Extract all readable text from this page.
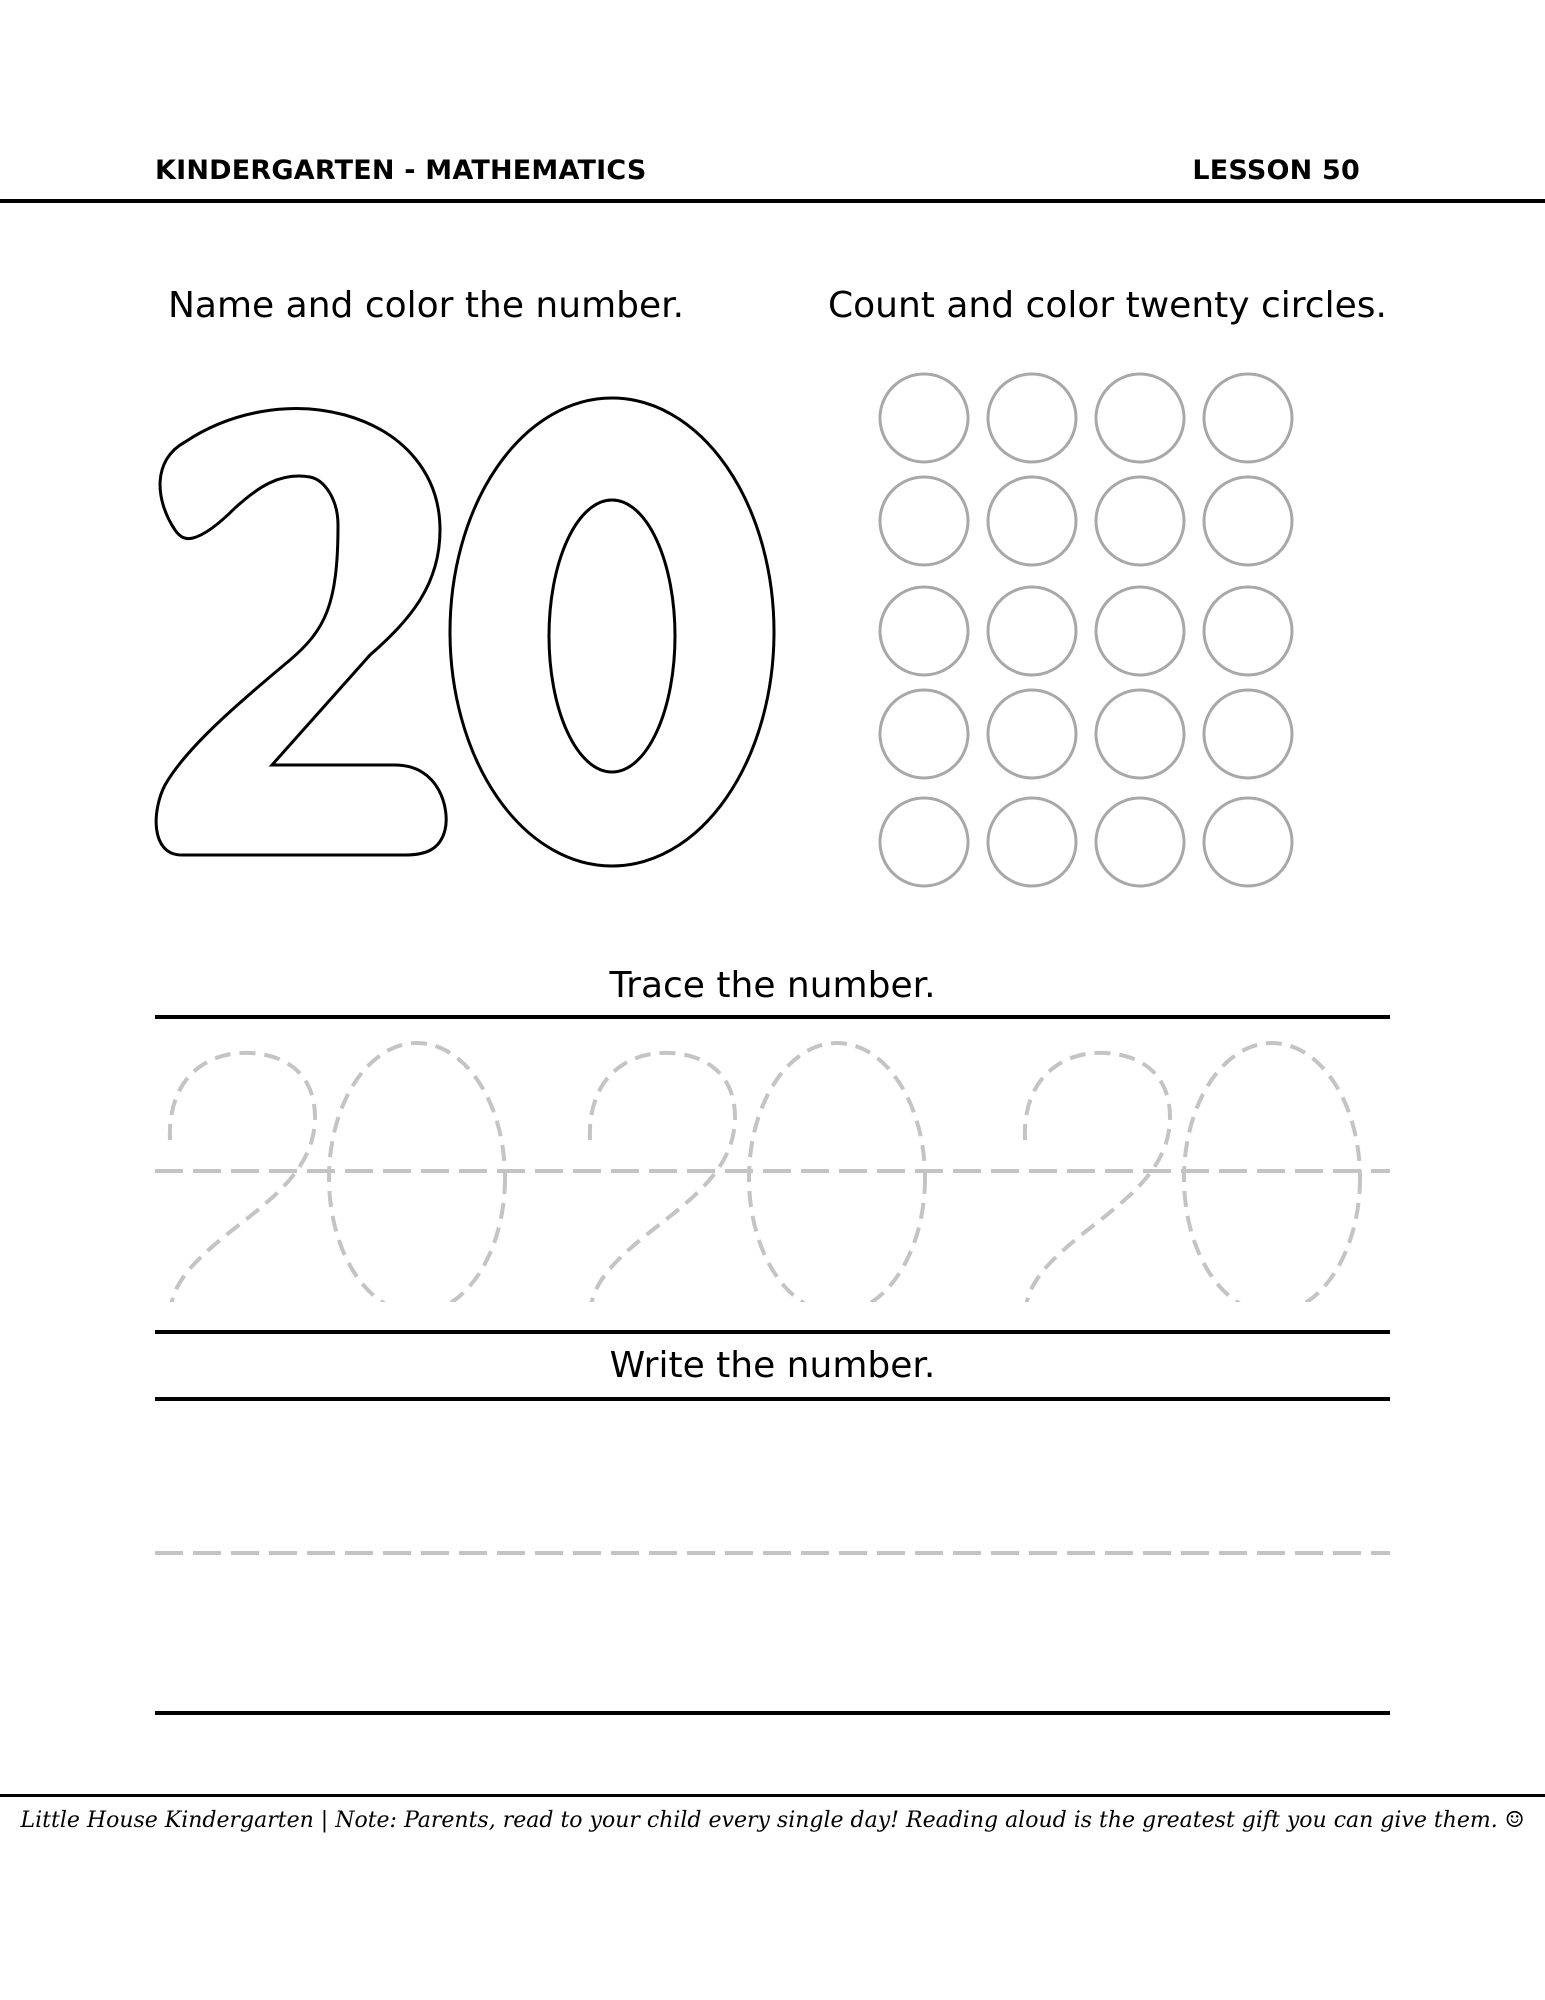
KINDERGARTEN - MATHEMATICS	LESSON 50
Name and color the number.	Count and color twenty circles.
Trace the number.
Write the number.
Little House Kindergarten | Note: Parents, read to your child every single day! Reading aloud is the greatest gift you can give them. ☺
